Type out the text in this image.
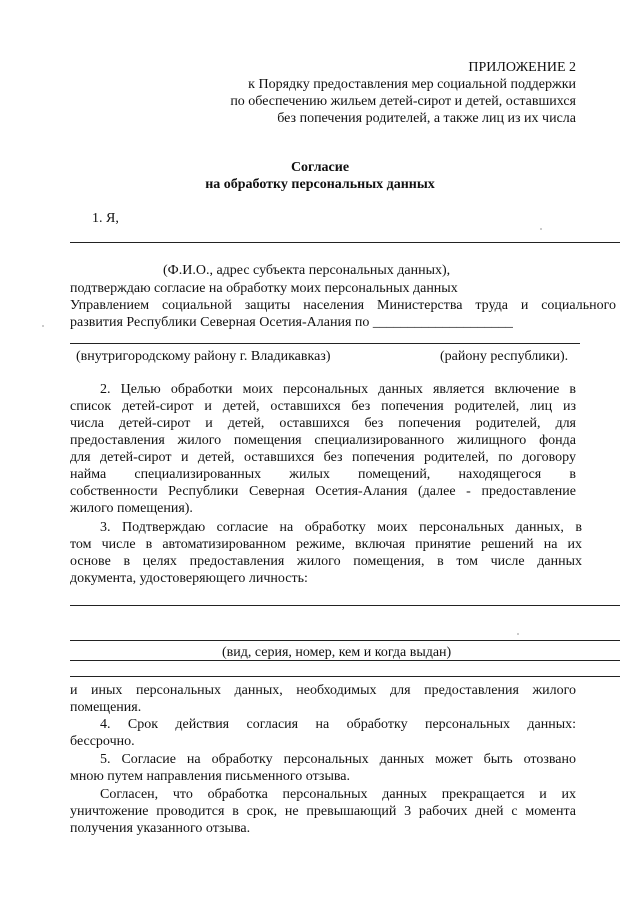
ПРИЛОЖЕНИЕ 2
к Порядку предоставления мер социальной поддержки
по обеспечению жильем детей-сирот и детей, оставшихся
без попечения родителей, а также лиц из их числа
Согласие
на обработку персональных данных
1. Я,
(Ф.И.О., адрес субъекта персональных данных),
подтверждаю согласие на обработку моих персональных данных
Управлением социальной защиты населения Министерства труда и социального
развития Республики Северная Осетия-Алания по ____________________
(внутригородскому району г. Владикавказ)	(району республики).
2. Целью обработки моих персональных данных является включение в
список детей-сирот и детей, оставшихся без попечения родителей, лиц из
числа детей-сирот и детей, оставшихся без попечения родителей, для
предоставления жилого помещения специализированного жилищного фонда
для детей-сирот и детей, оставшихся без попечения родителей, по договору
найма специализированных жилых помещений, находящегося в
собственности Республики Северная Осетия-Алания (далее - предоставление
жилого помещения).
3. Подтверждаю согласие на обработку моих персональных данных, в
том числе в автоматизированном режиме, включая принятие решений на их
основе в целях предоставления жилого помещения, в том числе данных
документа, удостоверяющего личность:
(вид, серия, номер, кем и когда выдан)
и иных персональных данных, необходимых для предоставления жилого
помещения.
4. Срок действия согласия на обработку персональных данных:
бессрочно.
5. Согласие на обработку персональных данных может быть отозвано
мною путем направления письменного отзыва.
Согласен, что обработка персональных данных прекращается и их
уничтожение проводится в срок, не превышающий 3 рабочих дней с момента
получения указанного отзыва.
